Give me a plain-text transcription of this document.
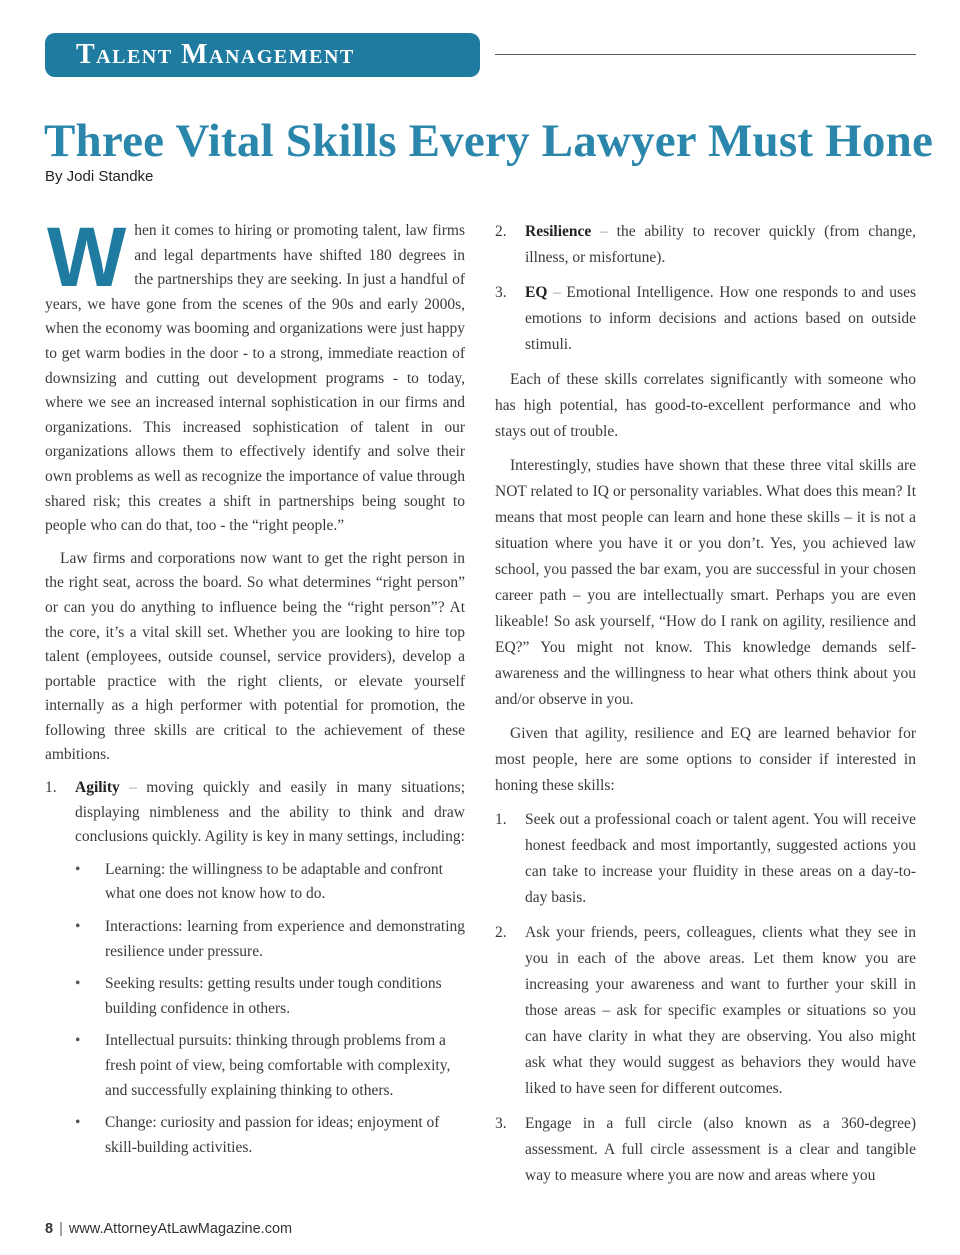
Talent Management
Three Vital Skills Every Lawyer Must Hone

By Jodi Standke

When it comes to hiring or promoting talent, law firms and legal departments have shifted 180 degrees in the partnerships they are seeking. In just a handful of years, we have gone from the scenes of the 90s and early 2000s, when the economy was booming and organizations were just happy to get warm bodies in the door - to a strong, immediate reaction of downsizing and cutting out development programs - to today, where we see an increased internal sophistication in our firms and organizations. This increased sophistication of talent in our organizations allows them to effectively identify and solve their own problems as well as recognize the importance of value through shared risk; this creates a shift in partnerships being sought to people who can do that, too - the “right people.”

Law firms and corporations now want to get the right person in the right seat, across the board. So what determines “right person” or can you do anything to influence being the “right person”? At the core, it’s a vital skill set. Whether you are looking to hire top talent (employees, outside counsel, service providers), develop a portable practice with the right clients, or elevate yourself internally as a high performer with potential for promotion, the following three skills are critical to the achievement of these ambitions.

1. Agility – moving quickly and easily in many situations; displaying nimbleness and the ability to think and draw conclusions quickly. Agility is key in many settings, including:
• Learning: the willingness to be adaptable and confront what one does not know how to do.
• Interactions: learning from experience and demonstrating resilience under pressure.
• Seeking results: getting results under tough conditions building confidence in others.
• Intellectual pursuits: thinking through problems from a fresh point of view, being comfortable with complexity, and successfully explaining thinking to others.
• Change: curiosity and passion for ideas; enjoyment of skill-building activities.
2. Resilience – the ability to recover quickly (from change, illness, or misfortune).
3. EQ – Emotional Intelligence. How one responds to and uses emotions to inform decisions and actions based on outside stimuli.

Each of these skills correlates significantly with someone who has high potential, has good-to-excellent performance and who stays out of trouble.

Interestingly, studies have shown that these three vital skills are NOT related to IQ or personality variables. What does this mean? It means that most people can learn and hone these skills – it is not a situation where you have it or you don’t. Yes, you achieved law school, you passed the bar exam, you are successful in your chosen career path – you are intellectually smart. Perhaps you are even likeable! So ask yourself, “How do I rank on agility, resilience and EQ?” You might not know. This knowledge demands self-awareness and the willingness to hear what others think about you and/or observe in you.

Given that agility, resilience and EQ are learned behavior for most people, here are some options to consider if interested in honing these skills:

1. Seek out a professional coach or talent agent. You will receive honest feedback and most importantly, suggested actions you can take to increase your fluidity in these areas on a day-to-day basis.
2. Ask your friends, peers, colleagues, clients what they see in you in each of the above areas. Let them know you are increasing your awareness and want to further your skill in those areas – ask for specific examples or situations so you can have clarity in what they are observing. You also might ask what they would suggest as behaviors they would have liked to have seen for different outcomes.
3. Engage in a full circle (also known as a 360-degree) assessment. A full circle assessment is a clear and tangible way to measure where you are now and areas where you

8 | www.AttorneyAtLawMagazine.com
